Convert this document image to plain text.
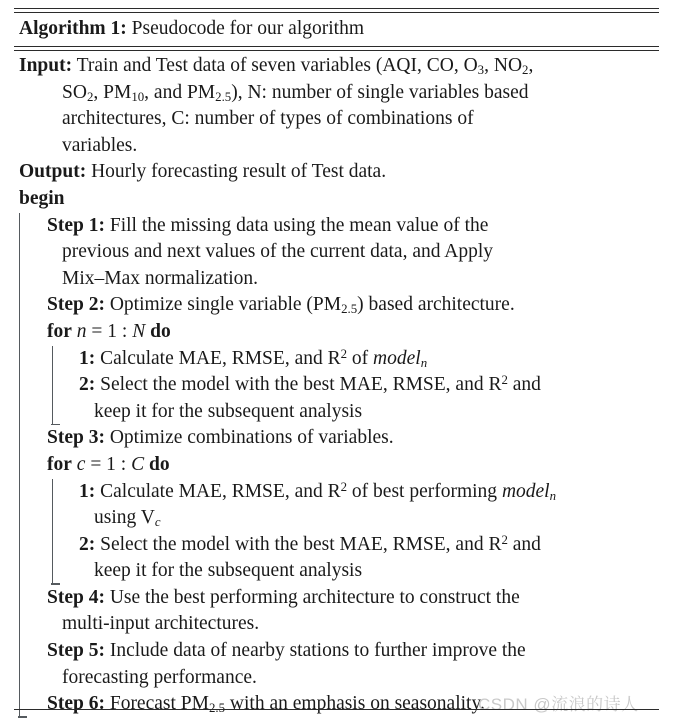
Algorithm 1: Pseudocode for our algorithm
Input: Train and Test data of seven variables (AQI, CO, $O_3$, $NO_2$,
$SO_2$, $PM_{10}$, and $PM_{2.5}$), N: number of single variables based
architectures, C: number of types of combinations of
variables.
Output: Hourly forecasting result of Test data.
begin
Step 1: Fill the missing data using the mean value of the
previous and next values of the current data, and Apply
Mix–Max normalization.
Step 2: Optimize single variable $(PM_{2.5})$ based architecture.
for n = 1 : N do
1: Calculate MAE, RMSE, and $R^2$ of model$_n$
2: Select the model with the best MAE, RMSE, and $R^2$ and
keep it for the subsequent analysis
Step 3: Optimize combinations of variables.
for c = 1 : C do
1: Calculate MAE, RMSE, and $R^2$ of best performing model$_n$
using $V_c$
2: Select the model with the best MAE, RMSE, and $R^2$ and
keep it for the subsequent analysis
Step 4: Use the best performing architecture to construct the
multi-input architectures.
Step 5: Include data of nearby stations to further improve the
forecasting performance.
Step 6: Forecast $PM_{2.5}$ with an emphasis on seasonality.
CSDN @流浪的诗人
